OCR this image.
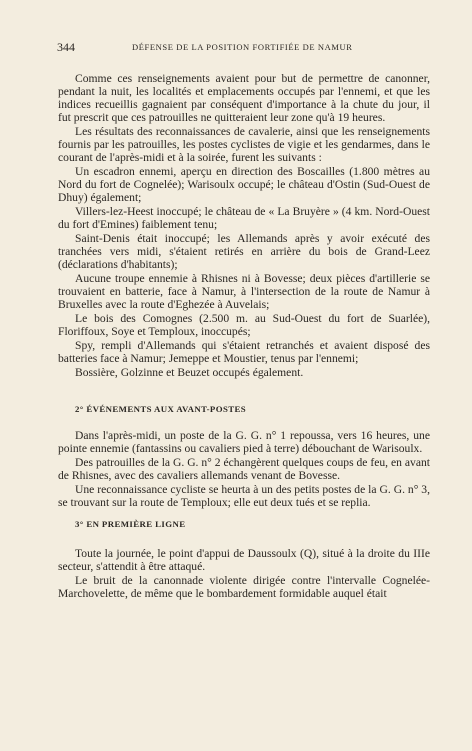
344	DÉFENSE DE LA POSITION FORTIFIÉE DE NAMUR

Comme ces renseignements avaient pour but de permettre de canonner, pendant la nuit, les localités et emplacements occupés par l'ennemi, et que les indices recueillis gagnaient par conséquent d'importance à la chute du jour, il fut prescrit que ces patrouilles ne quitteraient leur zone qu'à 19 heures.

Les résultats des reconnaissances de cavalerie, ainsi que les renseignements fournis par les patrouilles, les postes cyclistes de vigie et les gendarmes, dans le courant de l'après-midi et à la soirée, furent les suivants :

Un escadron ennemi, aperçu en direction des Boscailles (1.800 mètres au Nord du fort de Cognelée); Warisoulx occupé; le château d'Ostin (Sud-Ouest de Dhuy) également;

Villers-lez-Heest inoccupé; le château de « La Bruyère » (4 km. Nord-Ouest du fort d'Emines) faiblement tenu;

Saint-Denis était inoccupé; les Allemands après y avoir exécuté des tranchées vers midi, s'étaient retirés en arrière du bois de Grand-Leez (déclarations d'habitants);

Aucune troupe ennemie à Rhisnes ni à Bovesse; deux pièces d'artillerie se trouvaient en batterie, face à Namur, à l'intersection de la route de Namur à Bruxelles avec la route d'Eghezée à Auvelais;

Le bois des Comognes (2.500 m. au Sud-Ouest du fort de Suarlée), Floriffoux, Soye et Temploux, inoccupés;

Spy, rempli d'Allemands qui s'étaient retranchés et avaient disposé des batteries face à Namur; Jemeppe et Moustier, tenus par l'ennemi;

Bossière, Golzinne et Beuzet occupés également.

2° ÉVÉNEMENTS AUX AVANT-POSTES

Dans l'après-midi, un poste de la G. G. n° 1 repoussa, vers 16 heures, une pointe ennemie (fantassins ou cavaliers pied à terre) débouchant de Warisoulx.

Des patrouilles de la G. G. n° 2 échangèrent quelques coups de feu, en avant de Rhisnes, avec des cavaliers allemands venant de Bovesse.

Une reconnaissance cycliste se heurta à un des petits postes de la G. G. n° 3, se trouvant sur la route de Temploux; elle eut deux tués et se replia.

3° EN PREMIÈRE LIGNE

Toute la journée, le point d'appui de Daussoulx (Q), situé à la droite du IIIe secteur, s'attendit à être attaqué.

Le bruit de la canonnade violente dirigée contre l'intervalle Cognelée-Marchovelette, de même que le bombardement formidable auquel était
